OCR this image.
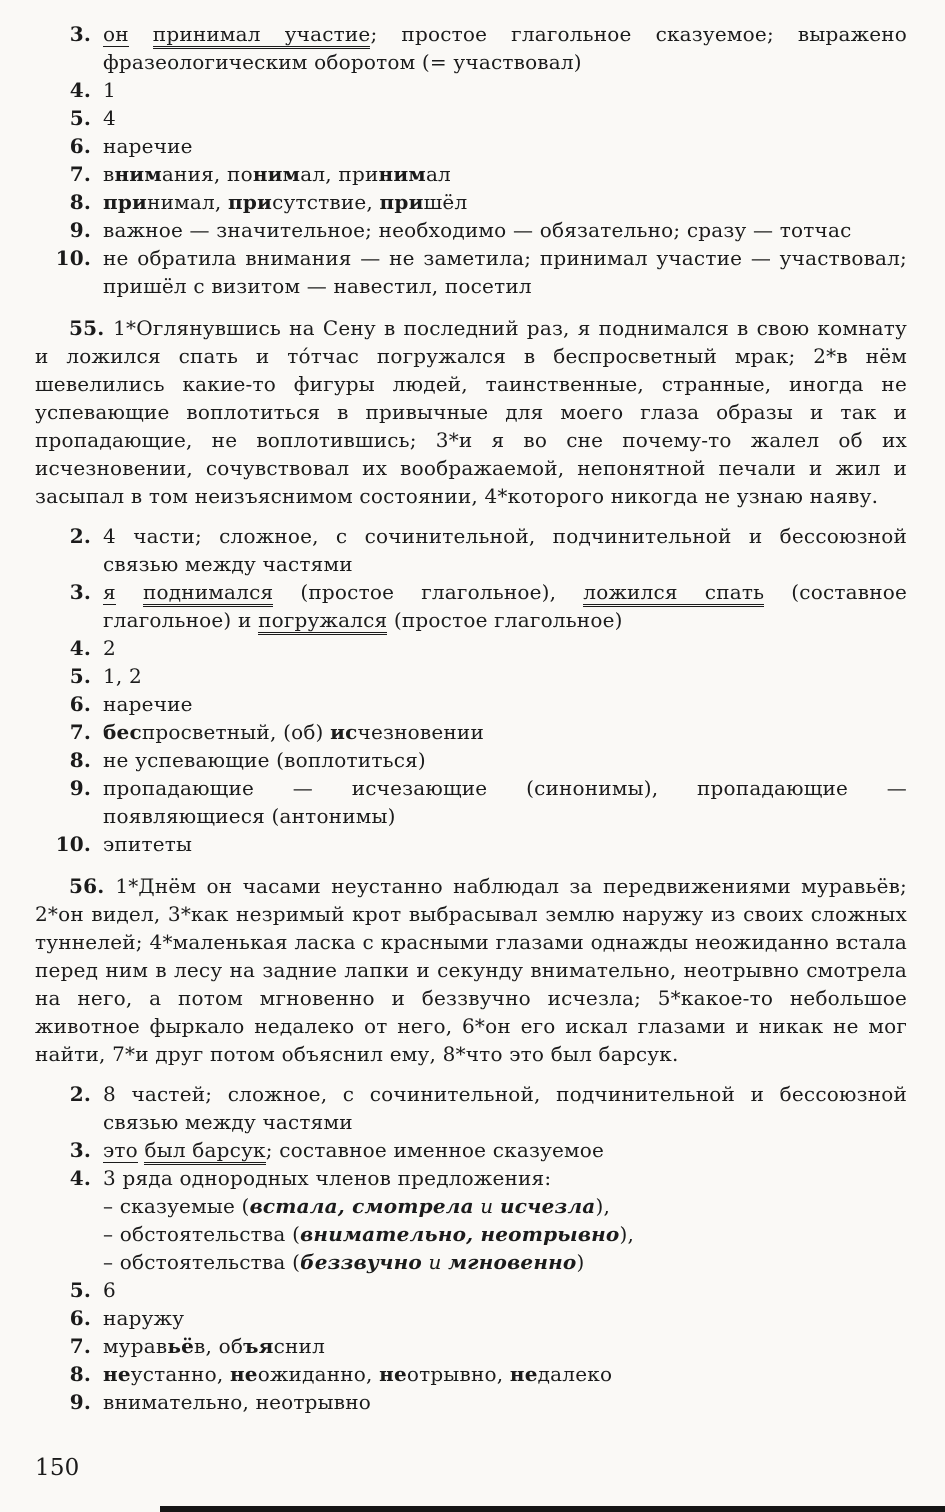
3. он принимал участие; простое глагольное сказуемое; выражено фразеологическим оборотом (= участвовал)
4. 1
5. 4
6. наречие
7. внимания, понимал, принимал
8. принимал, присутствие, пришёл
9. важное — значительное; необходимо — обязательно; сразу — тотчас
10. не обратила внимания — не заметила; принимал участие — участвовал; пришёл с визитом — навестил, посетил

55. 1*Оглянувшись на Сену в последний раз, я поднимался в свою комнату и ложился спать и то́тчас погружался в беспросветный мрак; 2*в нём шевелились какие-то фигуры людей, таинственные, странные, иногда не успевающие воплотиться в привычные для моего глаза образы и так и пропадающие, не воплотившись; 3*и я во сне почему-то жалел об их исчезновении, сочувствовал их воображаемой, непонятной печали и жил и засыпал в том неизъяснимом состоянии, 4*которого никогда не узнаю наяву.

2. 4 части; сложное, с сочинительной, подчинительной и бессоюзной связью между частями
3. я поднимался (простое глагольное), ложился спать (составное глагольное) и погружался (простое глагольное)
4. 2
5. 1, 2
6. наречие
7. беспросветный, (об) исчезновении
8. не успевающие (воплотиться)
9. пропадающие — исчезающие (синонимы), пропадающие — появляющиеся (антонимы)
10. эпитеты

56. 1*Днём он часами неустанно наблюдал за передвижениями муравьёв; 2*он видел, 3*как незримый крот выбрасывал землю наружу из своих сложных туннелей; 4*маленькая ласка с красными глазами однажды неожиданно встала перед ним в лесу на задние лапки и секунду внимательно, неотрывно смотрела на него, а потом мгновенно и беззвучно исчезла; 5*какое-то небольшое животное фыркало недалеко от него, 6*он его искал глазами и никак не мог найти, 7*и друг потом объяснил ему, 8*что это был барсук.

2. 8 частей; сложное, с сочинительной, подчинительной и бессоюзной связью между частями
3. это был барсук; составное именное сказуемое
4. 3 ряда однородных членов предложения:
– сказуемые (встала, смотрела и исчезла),
– обстоятельства (внимательно, неотрывно),
– обстоятельства (беззвучно и мгновенно)
5. 6
6. наружу
7. муравьёв, объяснил
8. неустанно, неожиданно, неотрывно, недалеко
9. внимательно, неотрывно
150
